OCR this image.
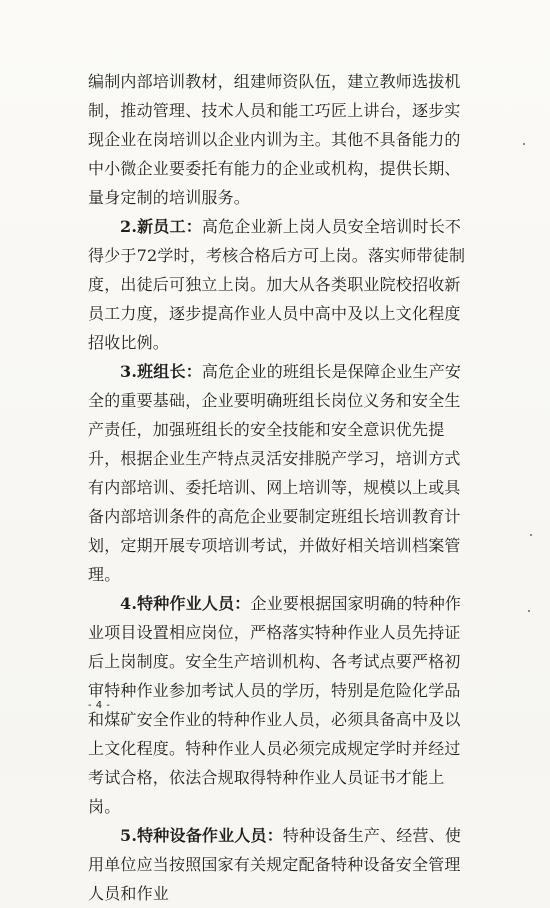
编制内部培训教材，组建师资队伍，建立教师选拔机制，推动管理、技术人员和能工巧匠上讲台，逐步实现企业在岗培训以企业内训为主。其他不具备能力的中小微企业要委托有能力的企业或机构，提供长期、量身定制的培训服务。

2.新员工：高危企业新上岗人员安全培训时长不得少于72学时，考核合格后方可上岗。落实师带徒制度，出徒后可独立上岗。加大从各类职业院校招收新员工力度，逐步提高作业人员中高中及以上文化程度招收比例。

3.班组长：高危企业的班组长是保障企业生产安全的重要基础，企业要明确班组长岗位义务和安全生产责任，加强班组长的安全技能和安全意识优先提升，根据企业生产特点灵活安排脱产学习，培训方式有内部培训、委托培训、网上培训等，规模以上或具备内部培训条件的高危企业要制定班组长培训教育计划，定期开展专项培训考试，并做好相关培训档案管理。

4.特种作业人员：企业要根据国家明确的特种作业项目设置相应岗位，严格落实特种作业人员先持证后上岗制度。安全生产培训机构、各考试点要严格初审特种作业参加考试人员的学历，特别是危险化学品和煤矿安全作业的特种作业人员，必须具备高中及以上文化程度。特种作业人员必须完成规定学时并经过考试合格，依法合规取得特种作业人员证书才能上岗。

5.特种设备作业人员：特种设备生产、经营、使用单位应当按照国家有关规定配备特种设备安全管理人员和作业

- 4 -
